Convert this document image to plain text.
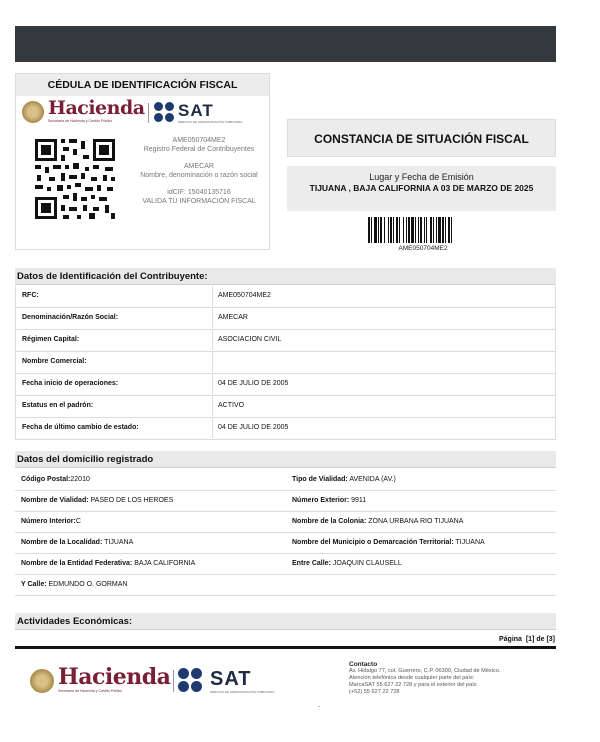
CÉDULA DE IDENTIFICACIÓN FISCAL
Hacienda
Secretaría de Hacienda y Crédito Público
SAT
SERVICIO DE ADMINISTRACIÓN TRIBUTARIA
AME050704ME2
Registro Federal de Contribuyentes
AMECAR
Nombre, denominación o razón social
idCIF: 15040135716
VALIDA TU INFORMACIÓN FISCAL
CONSTANCIA DE SITUACIÓN FISCAL
Lugar y Fecha de Emisión
TIJUANA , BAJA CALIFORNIA A 03 DE MARZO DE 2025
AME050704ME2
Datos de Identificación del Contribuyente:
RFC:	AME050704ME2
Denominación/Razón Social:	AMECAR
Régimen Capital:	ASOCIACION CIVIL
Nombre Comercial:
Fecha inicio de operaciones:	04 DE JULIO DE 2005
Estatus en el padrón:	ACTIVO
Fecha de último cambio de estado:	04 DE JULIO DE 2005
Datos del domicilio registrado
Código Postal:22010	Tipo de Vialidad: AVENIDA (AV.)
Nombre de Vialidad: PASEO DE LOS HEROES	Número Exterior: 9911
Número Interior:C	Nombre de la Colonia: ZONA URBANA RIO TIJUANA
Nombre de la Localidad: TIJUANA	Nombre del Municipio o Demarcación Territorial: TIJUANA
Nombre de la Entidad Federativa: BAJA CALIFORNIA	Entre Calle: JOAQUIN CLAUSELL
Y Calle: EDMUNDO O. GORMAN
Actividades Económicas:
Página [1] de [3]
Hacienda
Secretaría de Hacienda y Crédito Público
SAT
SERVICIO DE ADMINISTRACIÓN TRIBUTARIA
Contacto
Av. Hidalgo 77, col. Guerrero, C.P. 06300, Ciudad de México.
Atención telefónica desde cualquier parte del país:
MarcaSAT 55 627 22 728 y para el exterior del país
(+52) 55 627 22 728
